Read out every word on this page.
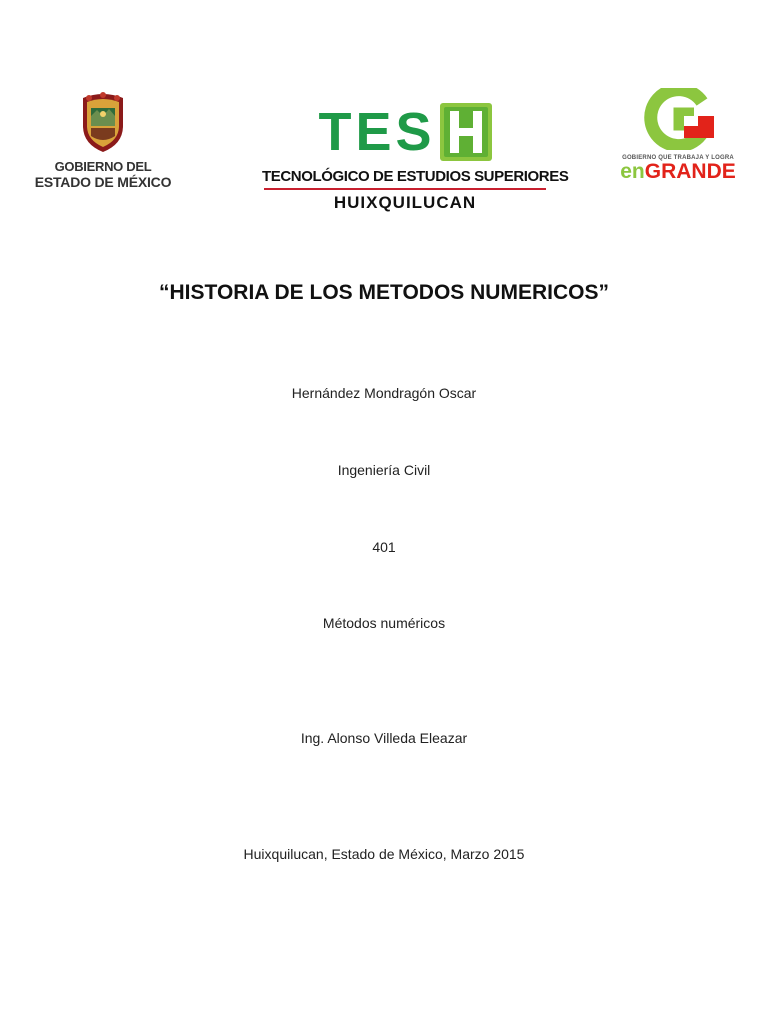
GOBIERNO DEL
ESTADO DE MÉXICO
TES
TECNOLÓGICO DE ESTUDIOS SUPERIORES
HUIXQUILUCAN
GOBIERNO QUE TRABAJA Y LOGRA
enGRANDE
“HISTORIA DE LOS METODOS NUMERICOS”
Hernández Mondragón Oscar
Ingeniería Civil
401
Métodos numéricos
Ing. Alonso Villeda Eleazar
Huixquilucan, Estado de México, Marzo 2015
